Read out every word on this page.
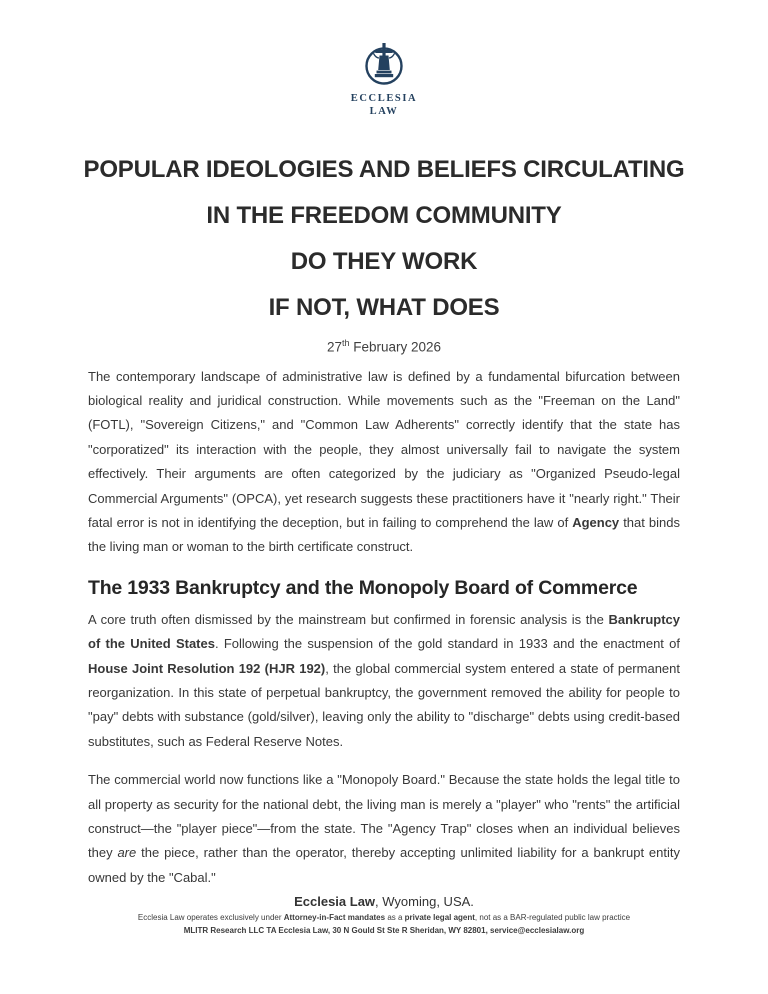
ECCLESIA
LAW
POPULAR IDEOLOGIES AND BELIEFS CIRCULATING
IN THE FREEDOM COMMUNITY
DO THEY WORK
IF NOT, WHAT DOES
27th February 2026

The contemporary landscape of administrative law is defined by a fundamental bifurcation between biological reality and juridical construction. While movements such as the "Freeman on the Land" (FOTL), "Sovereign Citizens," and "Common Law Adherents" correctly identify that the state has "corporatized" its interaction with the people, they almost universally fail to navigate the system effectively. Their arguments are often categorized by the judiciary as "Organized Pseudo-legal Commercial Arguments" (OPCA), yet research suggests these practitioners have it "nearly right." Their fatal error is not in identifying the deception, but in failing to comprehend the law of Agency that binds the living man or woman to the birth certificate construct.

The 1933 Bankruptcy and the Monopoly Board of Commerce

A core truth often dismissed by the mainstream but confirmed in forensic analysis is the Bankruptcy of the United States. Following the suspension of the gold standard in 1933 and the enactment of House Joint Resolution 192 (HJR 192), the global commercial system entered a state of permanent reorganization. In this state of perpetual bankruptcy, the government removed the ability for people to "pay" debts with substance (gold/silver), leaving only the ability to "discharge" debts using credit-based substitutes, such as Federal Reserve Notes.

The commercial world now functions like a "Monopoly Board." Because the state holds the legal title to all property as security for the national debt, the living man is merely a "player" who "rents" the artificial construct—the "player piece"—from the state. The "Agency Trap" closes when an individual believes they are the piece, rather than the operator, thereby accepting unlimited liability for a bankrupt entity owned by the "Cabal."

Ecclesia Law, Wyoming, USA.
Ecclesia Law operates exclusively under Attorney-in-Fact mandates as a private legal agent, not as a BAR-regulated public law practice
MLITR Research LLC TA Ecclesia Law, 30 N Gould St Ste R Sheridan, WY 82801, service@ecclesialaw.org
